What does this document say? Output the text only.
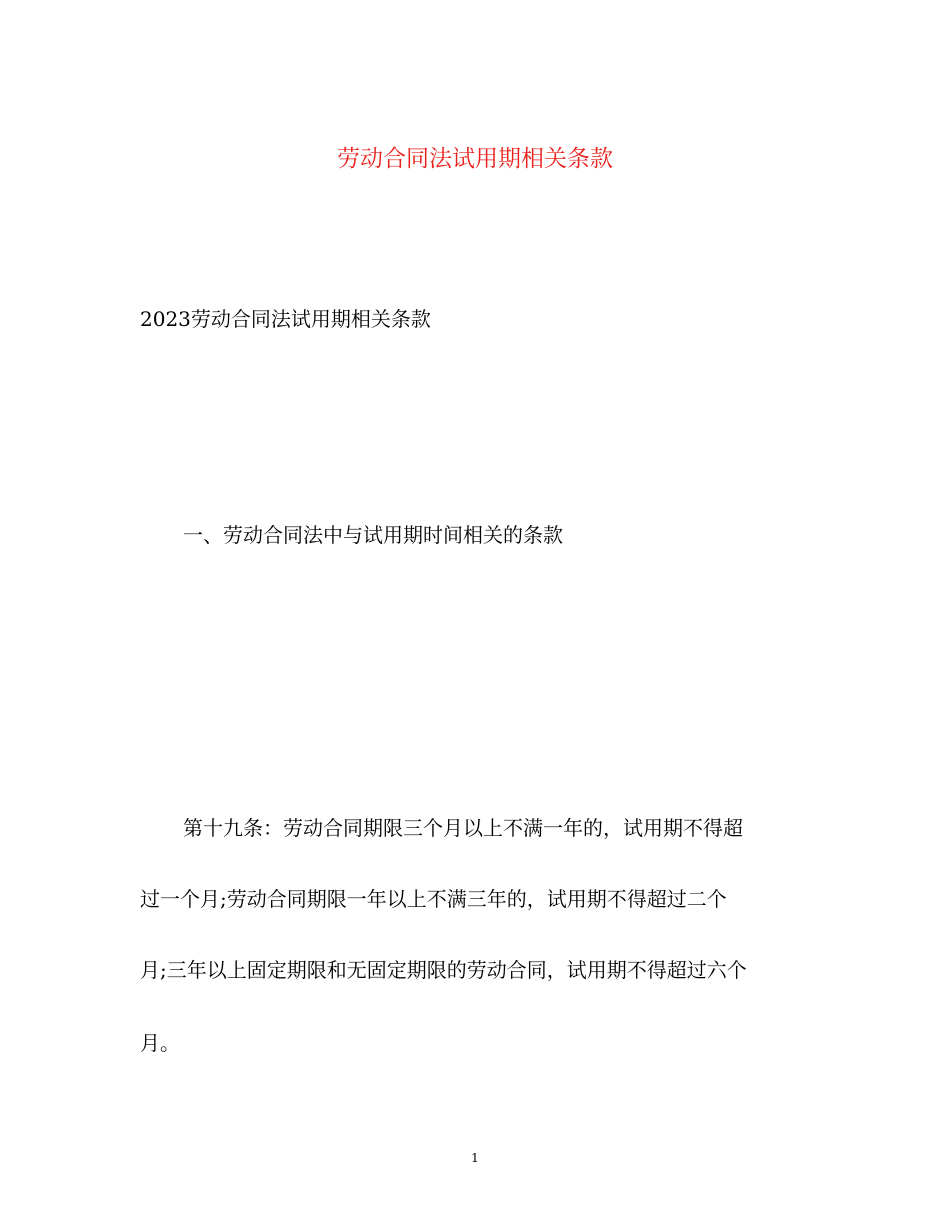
劳动合同法试用期相关条款
2023劳动合同法试用期相关条款
一、劳动合同法中与试用期时间相关的条款
第十九条：劳动合同期限三个月以上不满一年的，试用期不得超
过一个月;劳动合同期限一年以上不满三年的，试用期不得超过二个
月;三年以上固定期限和无固定期限的劳动合同，试用期不得超过六个
月。
1
